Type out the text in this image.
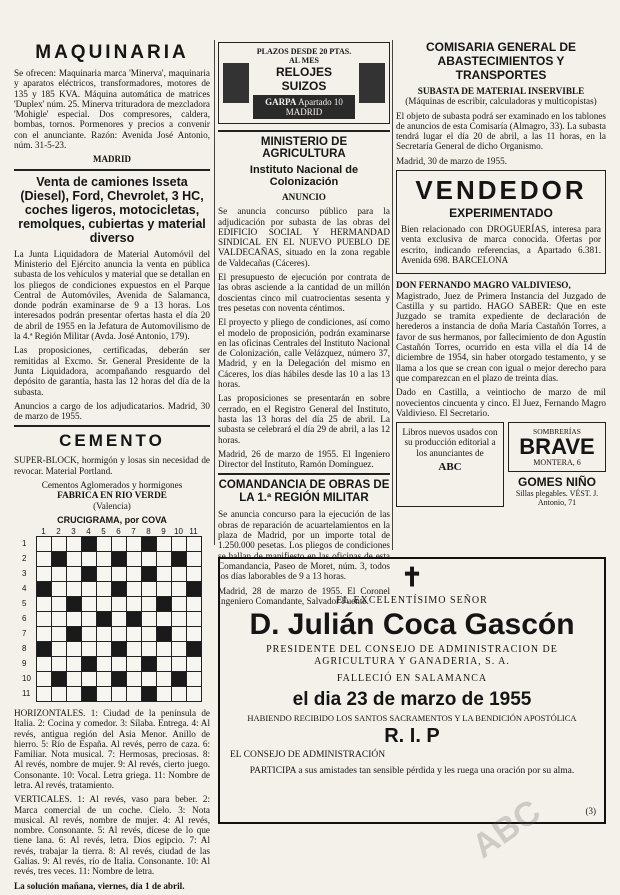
MAQUINARIA

Se ofrecen: Maquinaria marca 'Minerva', maquinaria y aparatos eléctricos, transformadores, motores de 135 y 185 KVA. Máquina automática de matrices 'Duplex' núm. 25. Minerva trituradora de mezcladora 'Mohigle' especial. Dos compresores, caldera, bombas, tornos. Pormenores y precios a convenir con el anunciante. Razón: Avenida José Antonio, núm. 31-5-23.

MADRID

Venta de camiones Isseta (Diesel), Ford, Chevrolet, 3 HC, coches ligeros, motocicletas, remolques, cubiertas y material diverso

La Junta Liquidadora de Material Automóvil del Ministerio del Ejército anuncia la venta en pública subasta de los vehículos y material que se detallan en los pliegos de condiciones expuestos en el Parque Central de Automóviles, Avenida de Salamanca, donde podrán examinarse de 9 a 13 horas. Los interesados podrán presentar ofertas hasta el día 20 de abril de 1955 en la Jefatura de Automovilismo de la 4.ª Región Militar (Avda. José Antonio, 179).

Las proposiciones, certificadas, deberán ser remitidas al Excmo. Sr. General Presidente de la Junta Liquidadora, acompañando resguardo del depósito de garantía, hasta las 12 horas del día de la subasta.

Anuncios a cargo de los adjudicatarios. Madrid, 30 de marzo de 1955.

CEMENTO

SUPER-BLOCK, hormigón y losas sin necesidad de revocar. Material Portland.

Cementos Aglomerados y hormigones

FABRICA EN RIO VERDE

(Valencia)

CRUCIGRAMA, por COVA
1	2	3	4	5	6	7	8	9	10 11
1
2
3
4
5
6
7
8
9
10
11

HORIZONTALES. 1: Ciudad de la península de Italia. 2: Cocina y comedor. 3: Sílaba. Entrega. 4: Al revés, antigua región del Asia Menor. Anillo de hierro. 5: Río de España. Al revés, perro de caza. 6: Familiar. Nota musical. 7: Hermosas, preciosas. 8: Al revés, nombre de mujer. 9: Al revés, cierto juego. Consonante. 10: Vocal. Letra griega. 11: Nombre de letra. Al revés, tratamiento.

VERTICALES. 1: Al revés, vaso para beber. 2: Marca comercial de un coche. Cielo. 3: Nota musical. Al revés, nombre de mujer. 4: Al revés, nombre. Consonante. 5: Al revés, dícese de lo que tiene lana. 6: Al revés, letra. Dios egipcio. 7: Al revés, trabajar la tierra. 8: Al revés, ciudad de las Galias. 9: Al revés, río de Italia. Consonante. 10: Al revés, tres veces. 11: Nombre de letra.

La solución mañana, viernes, día 1 de abril.

PLAZOS DESDE 20 PTAS. AL MES
RELOJES SUIZOS
GARPA Apartado 10 MADRID
MINISTERIO DE AGRICULTURA
Instituto Nacional de Colonización

ANUNCIO

Se anuncia concurso público para la adjudicación por subasta de las obras del EDIFICIO SOCIAL Y HERMANDAD SINDICAL EN EL NUEVO PUEBLO DE VALDECAÑAS, situado en la zona regable de Valdecañas (Cáceres).

El presupuesto de ejecución por contrata de las obras asciende a la cantidad de un millón doscientas cinco mil cuatrocientas sesenta y tres pesetas con noventa céntimos.

El proyecto y pliego de condiciones, así como el modelo de proposición, podrán examinarse en las oficinas Centrales del Instituto Nacional de Colonización, calle Velázquez, número 37, Madrid, y en la Delegación del mismo en Cáceres, los días hábiles desde las 10 a las 13 horas.

Las proposiciones se presentarán en sobre cerrado, en el Registro General del Instituto, hasta las 13 horas del día 25 de abril. La subasta se celebrará el día 29 de abril, a las 12 horas.

Madrid, 26 de marzo de 1955. El Ingeniero Director del Instituto, Ramón Domínguez.

COMANDANCIA DE OBRAS DE LA 1.ª REGIÓN MILITAR

Se anuncia concurso para la ejecución de las obras de reparación de acuartelamientos en la plaza de Madrid, por un importe total de 1.250.000 pesetas. Los pliegos de condiciones se hallan de manifiesto en las oficinas de esta Comandancia, Paseo de Moret, núm. 3, todos los días laborables de 9 a 13 horas.

Madrid, 28 de marzo de 1955. El Coronel Ingeniero Comandante, Salvador Fuente.

COMISARIA GENERAL DE ABASTECIMIENTOS Y TRANSPORTES

SUBASTA DE MATERIAL INSERVIBLE

(Máquinas de escribir, calculadoras y multicopistas)

El objeto de subasta podrá ser examinado en los tablones de anuncios de esta Comisaría (Almagro, 33). La subasta tendrá lugar el día 20 de abril, a las 11 horas, en la Secretaría General de dicho Organismo.

Madrid, 30 de marzo de 1955.

VENDEDOR
EXPERIMENTADO

Bien relacionado con DROGUERÍAS, interesa para venta exclusiva de marca conocida. Ofertas por escrito, indicando referencias, a Apartado 6.381. Avenida 698. BARCELONA

DON FERNANDO MAGRO VALDIVIESO,

Magistrado, Juez de Primera Instancia del Juzgado de Castilla y su partido. HAGO SABER: Que en este Juzgado se tramita expediente de declaración de herederos a instancia de doña María Castañón Torres, a favor de sus hermanos, por fallecimiento de don Agustín Castañón Torres, ocurrido en esta villa el día 14 de diciembre de 1954, sin haber otorgado testamento, y se llama a los que se crean con igual o mejor derecho para que comparezcan en el plazo de treinta días.

Dado en Castilla, a veintiocho de marzo de mil novecientos cincuenta y cinco. El Juez, Fernando Magro Valdivieso. El Secretario.

Libros nuevos usados con su producción editorial a los anunciantes de

ABC

SOMBRERÍAS
BRAVE
MONTERA, 6
GOMES NIÑO
Sillas plegables. VÉST. J. Antonio, 71
✝
EL EXCELENTÍSIMO SEÑOR
D. Julián Coca Gascón
PRESIDENTE DEL CONSEJO DE ADMINISTRACION DE AGRICULTURA Y GANADERIA, S. A.
FALLECIÓ EN SALAMANCA
el dia 23 de marzo de 1955
HABIENDO RECIBIDO LOS SANTOS SACRAMENTOS Y LA BENDICIÓN APOSTÓLICA
R. I. P
EL CONSEJO DE ADMINISTRACIÓN
PARTICIPA a sus amistades tan sensible pérdida y les ruega una oración por su alma.
(3)
ABC
